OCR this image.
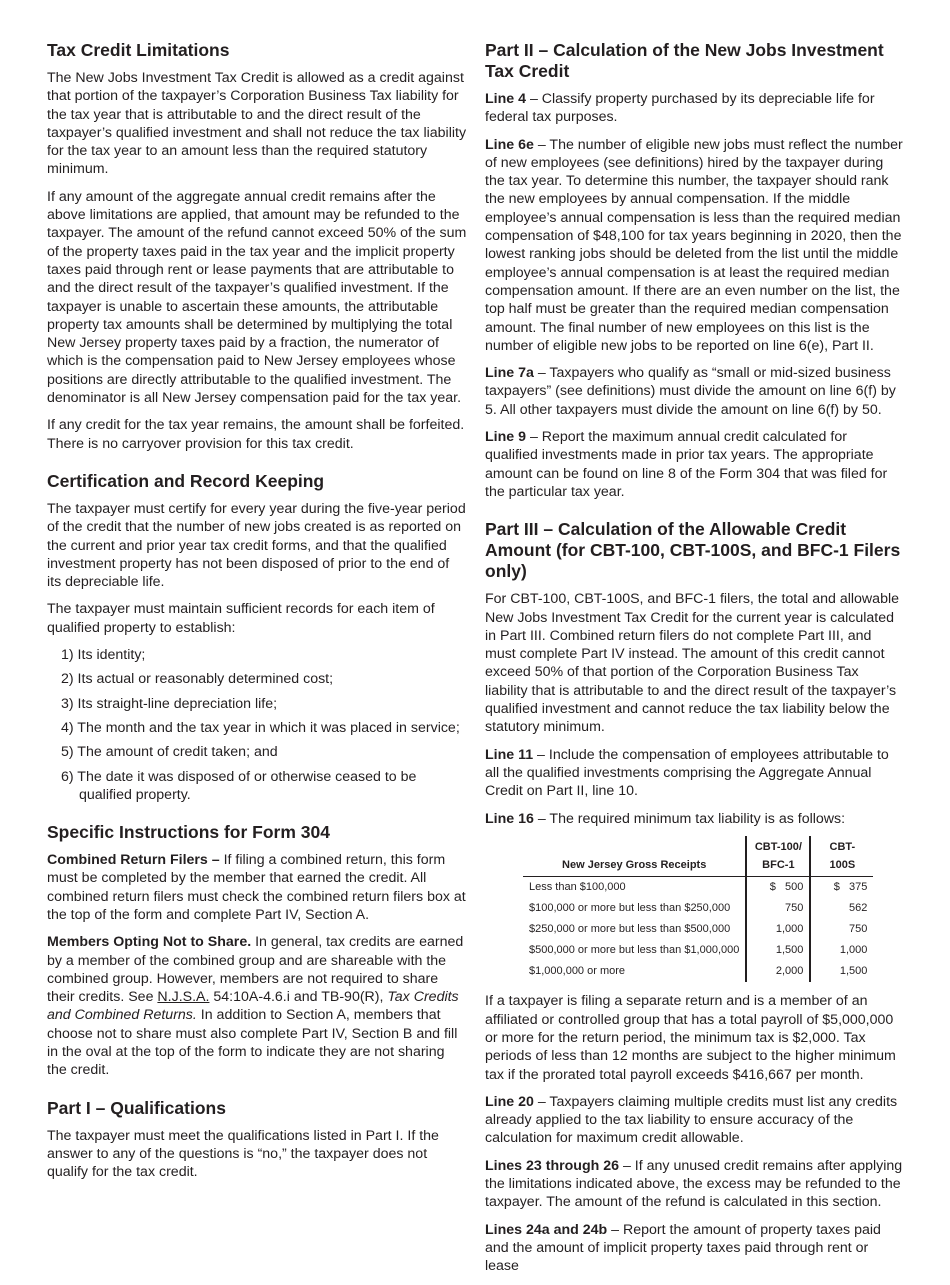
Tax Credit Limitations

The New Jobs Investment Tax Credit is allowed as a credit against that portion of the taxpayer’s Corporation Business Tax liability for the tax year that is attributable to and the direct result of the taxpayer’s qualified investment and shall not reduce the tax liability for the tax year to an amount less than the required statutory minimum.

If any amount of the aggregate annual credit remains after the above limitations are applied, that amount may be refunded to the taxpayer. The amount of the refund cannot exceed 50% of the sum of the property taxes paid in the tax year and the implicit property taxes paid through rent or lease payments that are attributable to and the direct result of the taxpayer’s qualified investment. If the taxpayer is unable to ascertain these amounts, the attributable property tax amounts shall be determined by multiplying the total New Jersey property taxes paid by a fraction, the numerator of which is the compensation paid to New Jersey employees whose positions are directly attributable to the qualified investment. The denominator is all New Jersey compensation paid for the tax year.

If any credit for the tax year remains, the amount shall be forfeited. There is no carryover provision for this tax credit.

Certification and Record Keeping

The taxpayer must certify for every year during the five-year period of the credit that the number of new jobs created is as reported on the current and prior year tax credit forms, and that the qualified investment property has not been disposed of prior to the end of its depreciable life.

The taxpayer must maintain sufficient records for each item of qualified property to establish:

1) Its identity;
2) Its actual or reasonably determined cost;
3) Its straight-line depreciation life;
4) The month and the tax year in which it was placed in service;
5) The amount of credit taken; and
6) The date it was disposed of or otherwise ceased to be qualified property.
Specific Instructions for Form 304

Combined Return Filers – If filing a combined return, this form must be completed by the member that earned the credit. All combined return filers must check the combined return filers box at the top of the form and complete Part IV, Section A.

Members Opting Not to Share. In general, tax credits are earned by a member of the combined group and are shareable with the combined group. However, members are not required to share their credits. See N.J.S.A. 54:10A-4.6.i and TB-90(R), Tax Credits and Combined Returns. In addition to Section A, members that choose not to share must also complete Part IV, Section B and fill in the oval at the top of the form to indicate they are not sharing the credit.

Part I – Qualifications

The taxpayer must meet the qualifications listed in Part I. If the answer to any of the questions is “no,” the taxpayer does not qualify for the tax credit.

Part II – Calculation of the New Jobs Investment Tax Credit

Line 4 – Classify property purchased by its depreciable life for federal tax purposes.

Line 6e – The number of eligible new jobs must reflect the number of new employees (see definitions) hired by the taxpayer during the tax year. To determine this number, the taxpayer should rank the new employees by annual compensation. If the middle employee’s annual compensation is less than the required median compensation of $48,100 for tax years beginning in 2020, then the lowest ranking jobs should be deleted from the list until the middle employee’s annual compensation is at least the required median compensation amount. If there are an even number on the list, the top half must be greater than the required median compensation amount. The final number of new employees on this list is the number of eligible new jobs to be reported on line 6(e), Part II.

Line 7a – Taxpayers who qualify as “small or mid-sized business taxpayers” (see definitions) must divide the amount on line 6(f) by 5. All other taxpayers must divide the amount on line 6(f) by 50.

Line 9 – Report the maximum annual credit calculated for qualified investments made in prior tax years. The appropriate amount can be found on line 8 of the Form 304 that was filed for the particular tax year.

Part III – Calculation of the Allowable Credit Amount (for CBT-100, CBT-100S, and BFC-1 Filers only)

For CBT-100, CBT-100S, and BFC-1 filers, the total and allowable New Jobs Investment Tax Credit for the current year is calculated in Part III. Combined return filers do not complete Part III, and must complete Part IV instead. The amount of this credit cannot exceed 50% of that portion of the Corporation Business Tax liability that is attributable to and the direct result of the taxpayer’s qualified investment and cannot reduce the tax liability below the statutory minimum.

Line 11 – Include the compensation of employees attributable to all the qualified investments comprising the Aggregate Annual Credit on Part II, line 10.

Line 16 – The required minimum tax liability is as follows:

New Jersey Gross Receipts	CBT-100/ BFC-1	CBT-100S
Less than $100,000	$   500	$   375
$100,000 or more but less than $250,000	750	562
$250,000 or more but less than $500,000	1,000	750
$500,000 or more but less than $1,000,000	1,500	1,000
$1,000,000 or more	2,000	1,500

If a taxpayer is filing a separate return and is a member of an affiliated or controlled group that has a total payroll of $5,000,000 or more for the return period, the minimum tax is $2,000. Tax periods of less than 12 months are subject to the higher minimum tax if the prorated total payroll exceeds $416,667 per month.

Line 20 – Taxpayers claiming multiple credits must list any credits already applied to the tax liability to ensure accuracy of the calculation for maximum credit allowable.

Lines 23 through 26 – If any unused credit remains after applying the limitations indicated above, the excess may be refunded to the taxpayer. The amount of the refund is calculated in this section.

Lines 24a and 24b – Report the amount of property taxes paid and the amount of implicit property taxes paid through rent or lease
